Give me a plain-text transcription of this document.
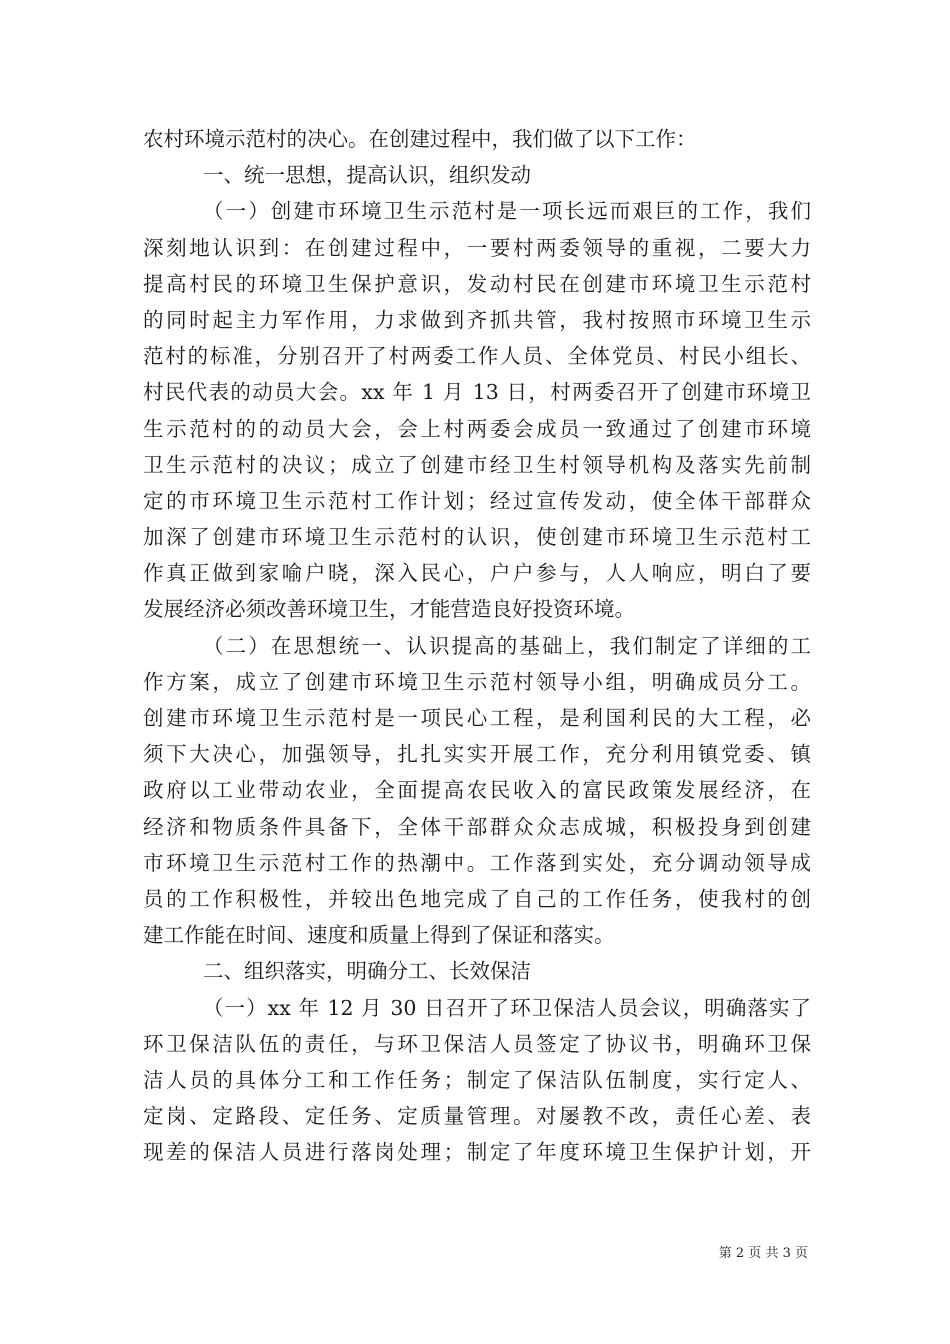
农村环境示范村的决心。在创建过程中，我们做了以下工作：
一、统一思想，提高认识，组织发动
（一）创建市环境卫生示范村是一项长远而艰巨的工作，我们
深刻地认识到：在创建过程中，一要村两委领导的重视，二要大力
提高村民的环境卫生保护意识，发动村民在创建市环境卫生示范村
的同时起主力军作用，力求做到齐抓共管，我村按照市环境卫生示
范村的标准，分别召开了村两委工作人员、全体党员、村民小组长、
村民代表的动员大会。xx 年 1 月 13 日，村两委召开了创建市环境卫
生示范村的的动员大会，会上村两委会成员一致通过了创建市环境
卫生示范村的决议；成立了创建市经卫生村领导机构及落实先前制
定的市环境卫生示范村工作计划；经过宣传发动，使全体干部群众
加深了创建市环境卫生示范村的认识，使创建市环境卫生示范村工
作真正做到家喻户晓，深入民心，户户参与，人人响应，明白了要
发展经济必须改善环境卫生，才能营造良好投资环境。
（二）在思想统一、认识提高的基础上，我们制定了详细的工
作方案，成立了创建市环境卫生示范村领导小组，明确成员分工。
创建市环境卫生示范村是一项民心工程，是利国利民的大工程，必
须下大决心，加强领导，扎扎实实开展工作，充分利用镇党委、镇
政府以工业带动农业，全面提高农民收入的富民政策发展经济，在
经济和物质条件具备下，全体干部群众众志成城，积极投身到创建
市环境卫生示范村工作的热潮中。工作落到实处，充分调动领导成
员的工作积极性，并较出色地完成了自己的工作任务，使我村的创
建工作能在时间、速度和质量上得到了保证和落实。
二、组织落实，明确分工、长效保洁
（一）xx 年 12 月 30 日召开了环卫保洁人员会议，明确落实了
环卫保洁队伍的责任，与环卫保洁人员签定了协议书，明确环卫保
洁人员的具体分工和工作任务；制定了保洁队伍制度，实行定人、
定岗、定路段、定任务、定质量管理。对屡教不改，责任心差、表
现差的保洁人员进行落岗处理；制定了年度环境卫生保护计划，开
第 2 页 共 3 页
